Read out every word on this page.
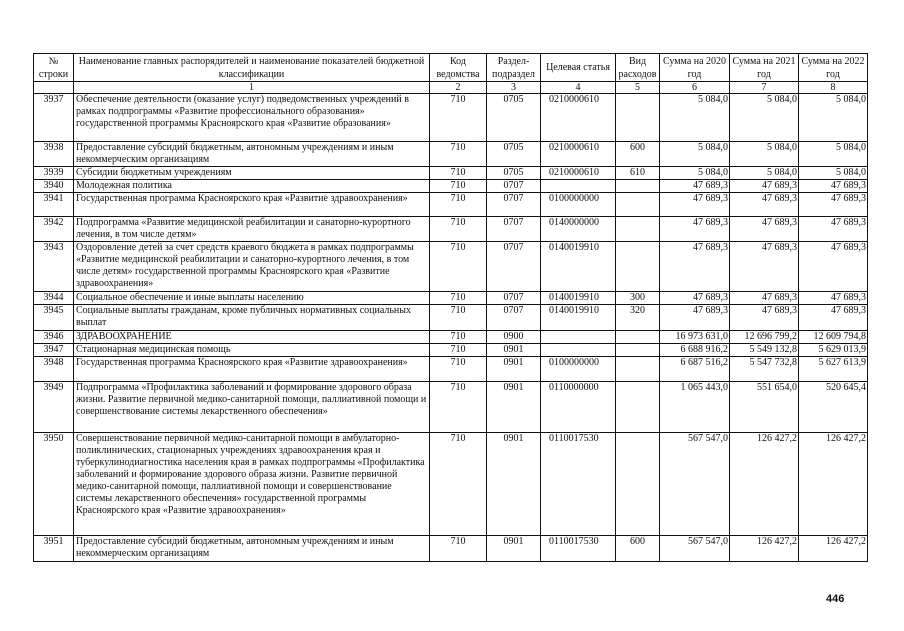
№ строки	Наименование главных распорядителей и наименование показателей бюджетной классификации	Код ведомства	Раздел-подраздел	Целевая статья	Вид расходов	Сумма на 2020 год	Сумма на 2021 год	Сумма на 2022 год
	1	2	3	4	5	6	7	8
3937	Обеспечение деятельности (оказание услуг) подведомственных учреждений в рамках подпрограммы «Развитие профессионального образования» государственной программы Красноярского края «Развитие образования»	710	0705	0210000610		5 084,0	5 084,0	5 084,0
3938	Предоставление субсидий бюджетным, автономным учреждениям и иным некоммерческим организациям	710	0705	0210000610	600	5 084,0	5 084,0	5 084,0
3939	Субсидии бюджетным учреждениям	710	0705	0210000610	610	5 084,0	5 084,0	5 084,0
3940	Молодежная политика	710	0707			47 689,3	47 689,3	47 689,3
3941	Государственная программа Красноярского края «Развитие здравоохранения»	710	0707	0100000000		47 689,3	47 689,3	47 689,3
3942	Подпрограмма «Развитие медицинской реабилитации и санаторно-курортного лечения, в том числе детям»	710	0707	0140000000		47 689,3	47 689,3	47 689,3
3943	Оздоровление детей за счет средств краевого бюджета в рамках подпрограммы «Развитие медицинской реабилитации и санаторно-курортного лечения, в том числе детям» государственной программы Красноярского края «Развитие здравоохранения»	710	0707	0140019910		47 689,3	47 689,3	47 689,3
3944	Социальное обеспечение и иные выплаты населению	710	0707	0140019910	300	47 689,3	47 689,3	47 689,3
3945	Социальные выплаты гражданам, кроме публичных нормативных социальных выплат	710	0707	0140019910	320	47 689,3	47 689,3	47 689,3
3946	ЗДРАВООХРАНЕНИЕ	710	0900			16 973 631,0	12 696 799,2	12 609 794,8
3947	Стационарная медицинская помощь	710	0901			6 688 916,2	5 549 132,8	5 629 013,9
3948	Государственная программа Красноярского края «Развитие здравоохранения»	710	0901	0100000000		6 687 516,2	5 547 732,8	5 627 613,9
3949	Подпрограмма «Профилактика заболеваний и формирование здорового образа жизни. Развитие первичной медико-санитарной помощи, паллиативной помощи и совершенствование системы лекарственного обеспечения»	710	0901	0110000000		1 065 443,0	551 654,0	520 645,4
3950	Совершенствование первичной медико-санитарной помощи в амбулаторно-поликлинических, стационарных учреждениях здравоохранения края и туберкулинодиагностика населения края в рамках подпрограммы «Профилактика заболеваний и формирование здорового образа жизни. Развитие первичной медико-санитарной помощи, паллиативной помощи и совершенствование системы лекарственного обеспечения» государственной программы Красноярского края «Развитие здравоохранения»	710	0901	0110017530		567 547,0	126 427,2	126 427,2
3951	Предоставление субсидий бюджетным, автономным учреждениям и иным некоммерческим организациям	710	0901	0110017530	600	567 547,0	126 427,2	126 427,2
446
